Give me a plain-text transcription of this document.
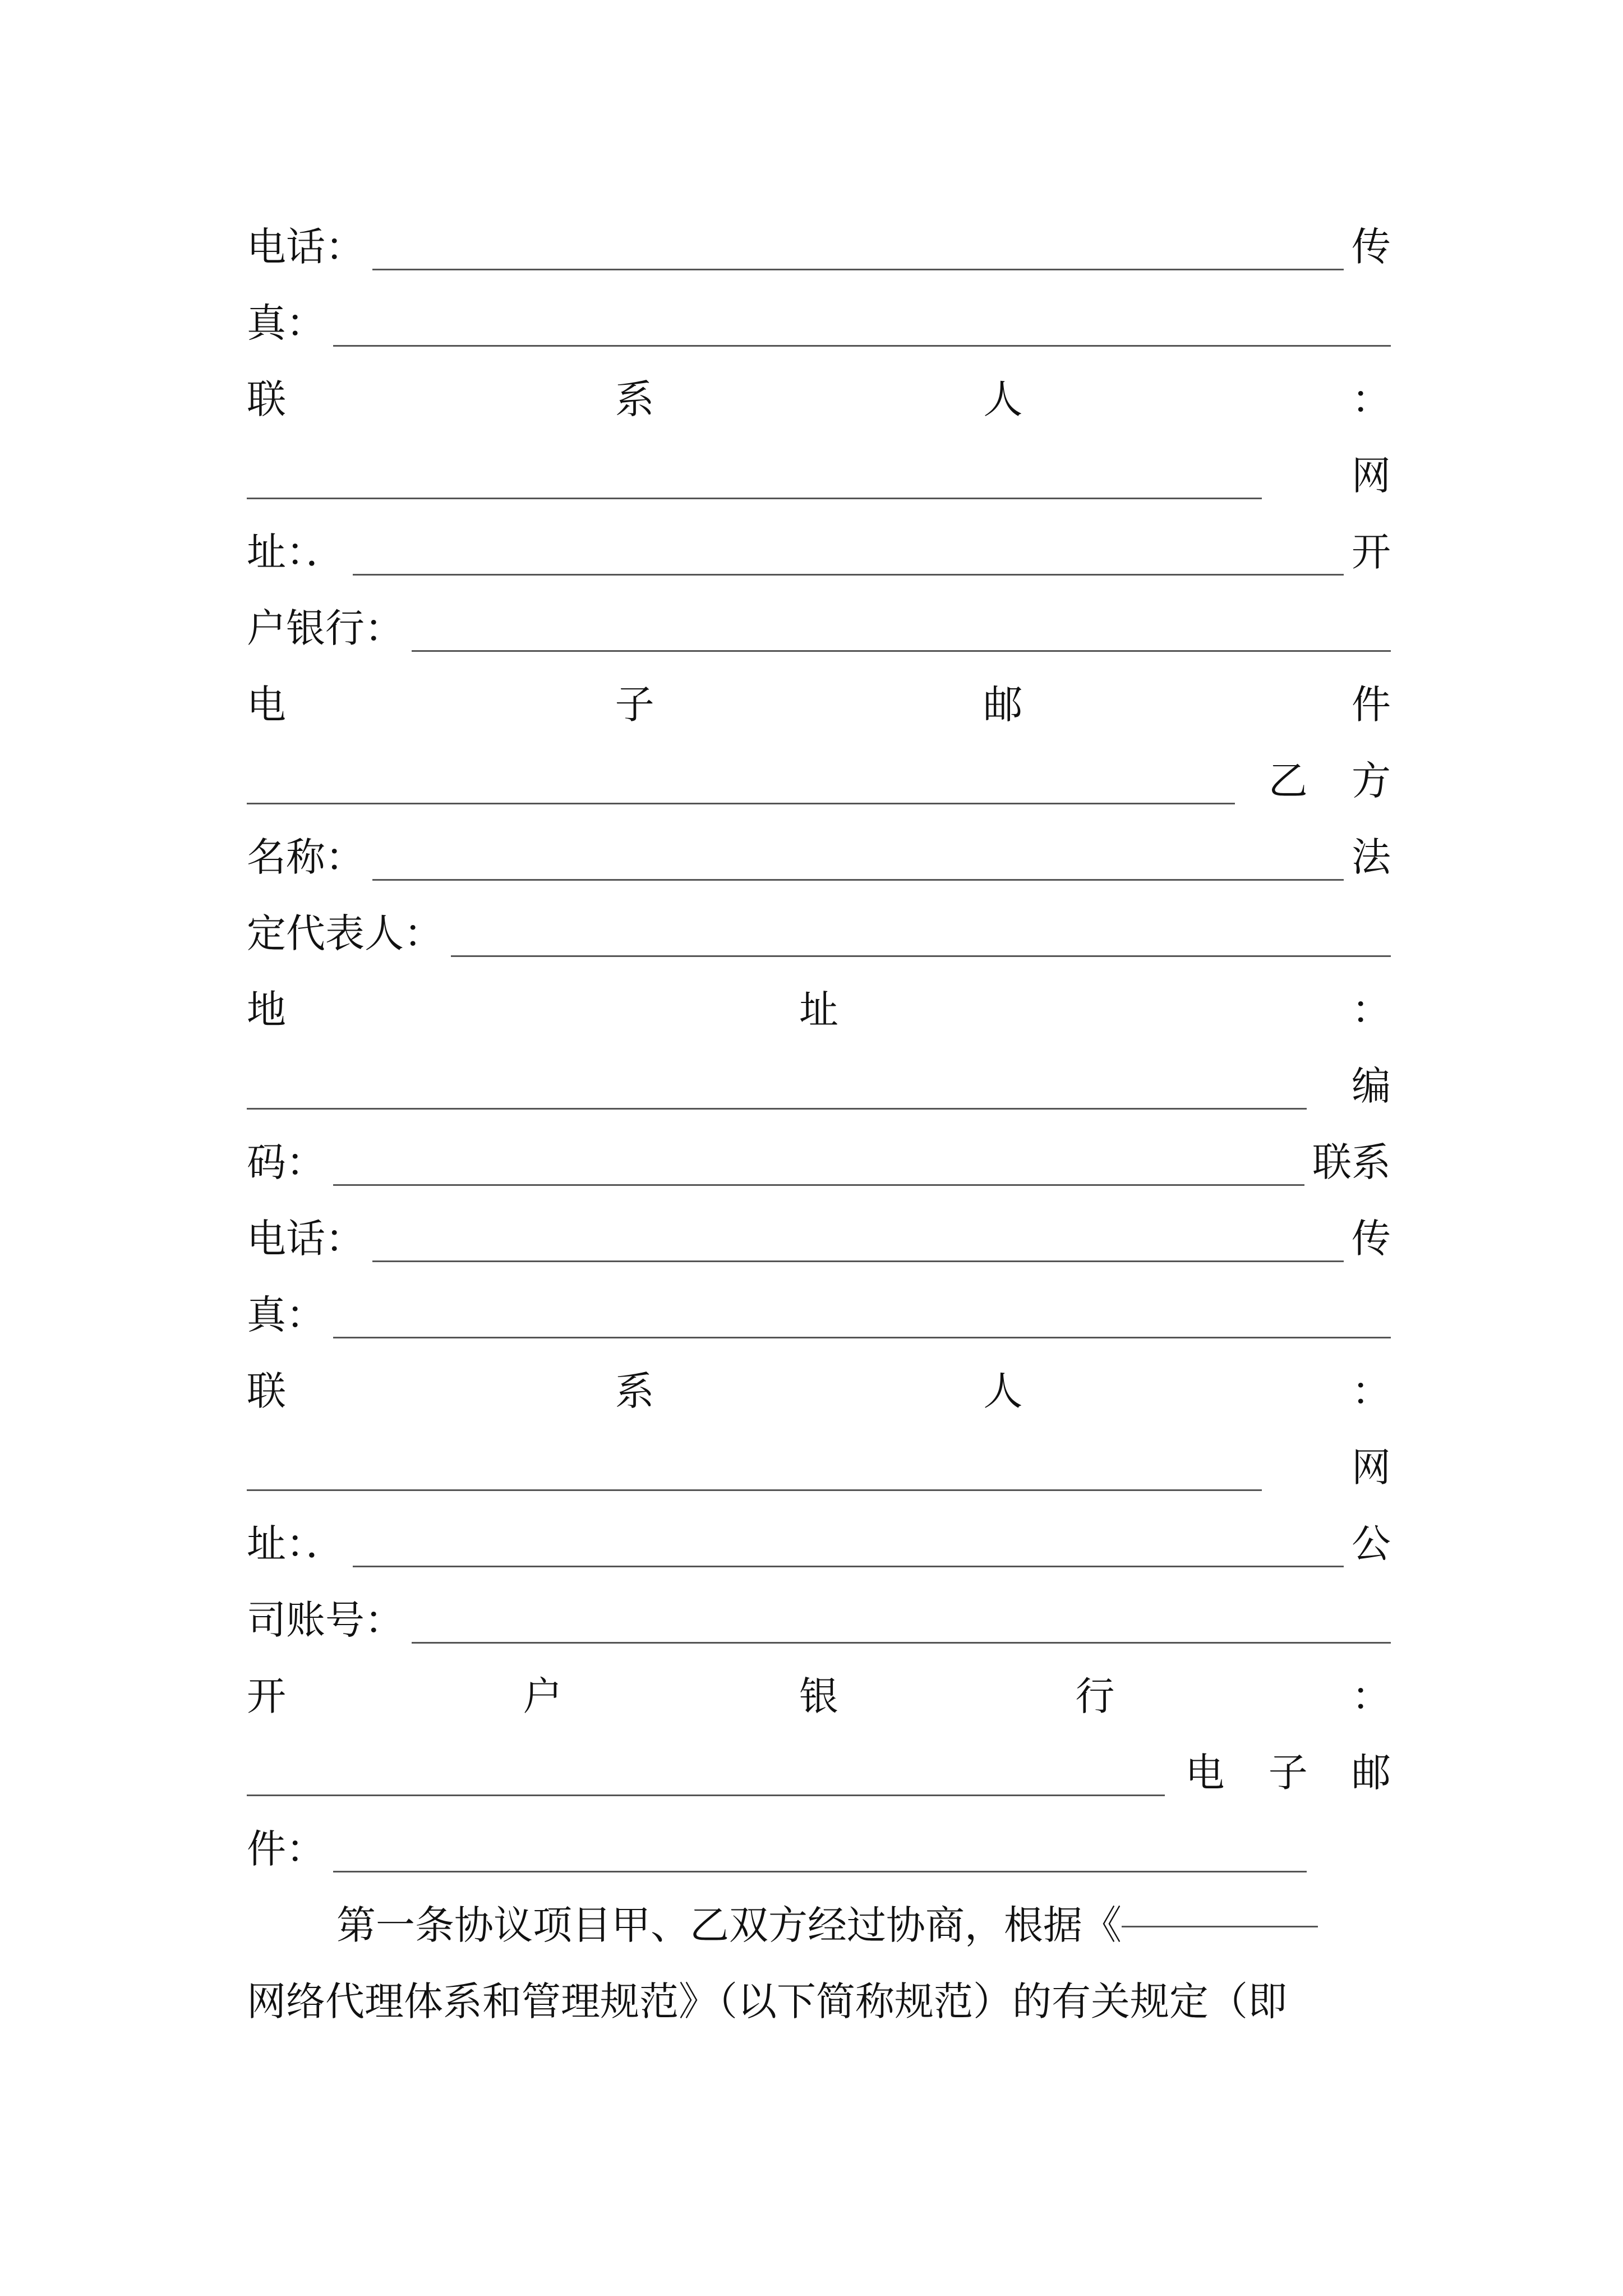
电话：	传
真：
联	系	人	：
网
址：．	开
户银行：
电	子	邮	件
乙 方
名称：	法
定代表人：
地	址	：
编
码：	联系
电话：	传
真：
联	系	人	：
网
址：．	公
司账号：
开	户	银	行	：
电 子 邮
件：
第一条协议项目甲、乙双方经过协商，根据《
网络代理体系和管理规范》（以下简称规范）的有关规定（即
